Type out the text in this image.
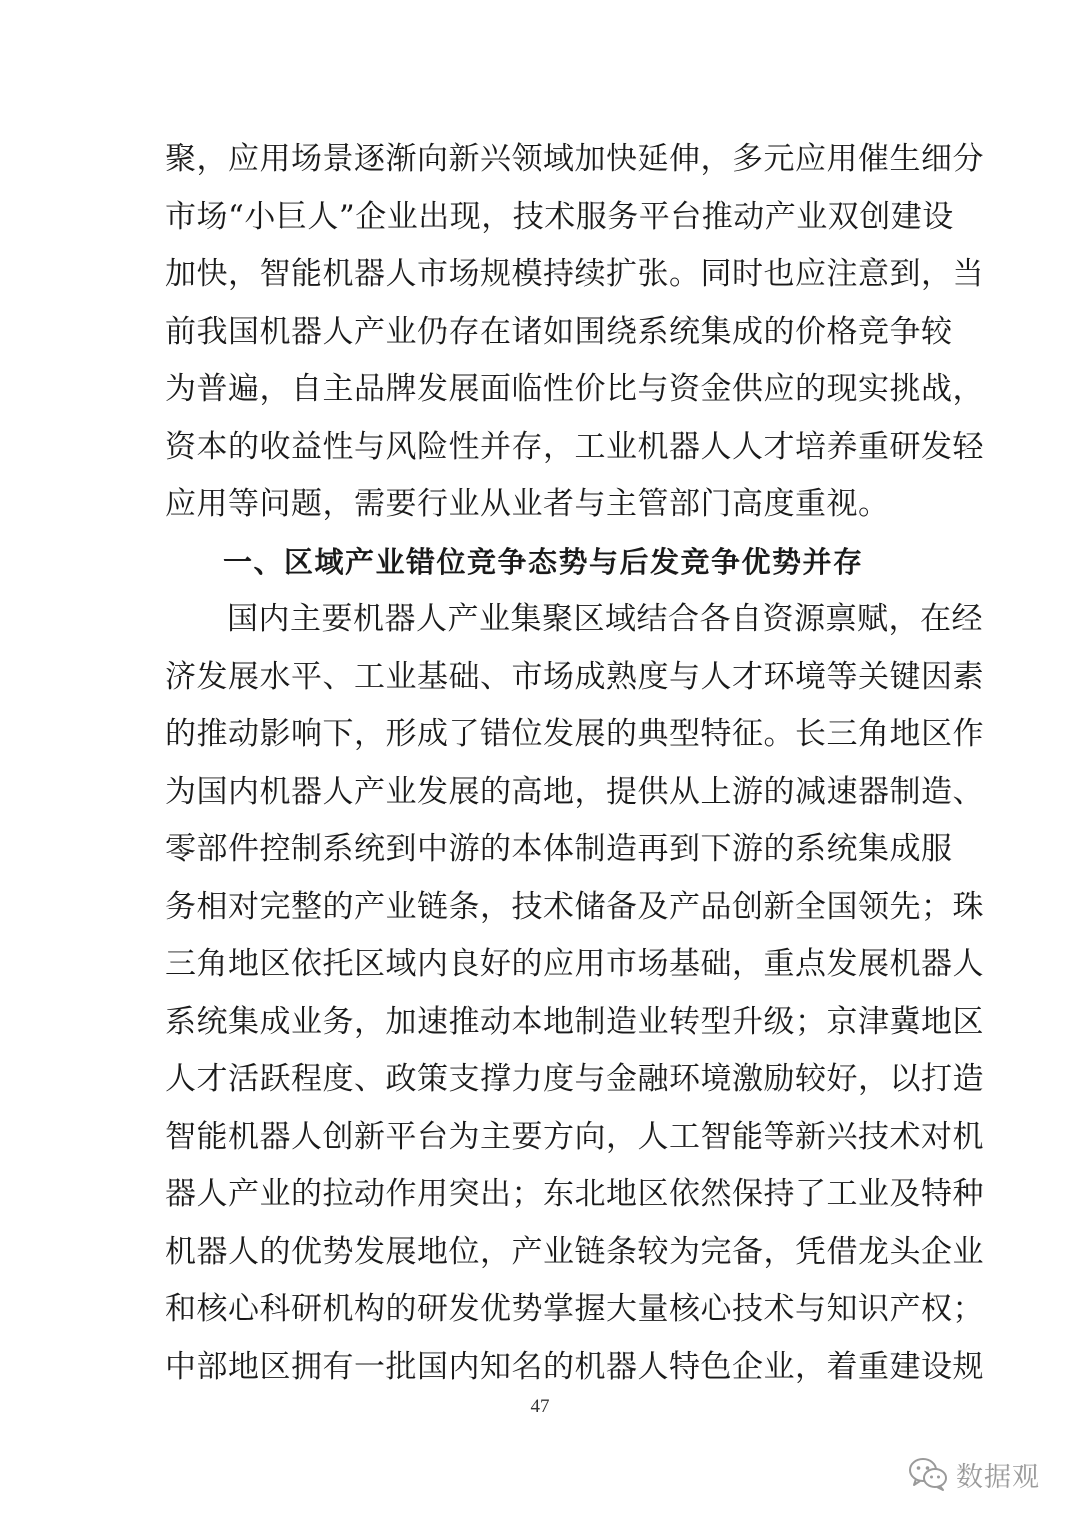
聚，应用场景逐渐向新兴领域加快延伸，多元应用催生细分
市场“小巨人”企业出现，技术服务平台推动产业双创建设
加快，智能机器人市场规模持续扩张。同时也应注意到，当
前我国机器人产业仍存在诸如围绕系统集成的价格竞争较
为普遍，自主品牌发展面临性价比与资金供应的现实挑战，
资本的收益性与风险性并存，工业机器人人才培养重研发轻
应用等问题，需要行业从业者与主管部门高度重视。
一、区域产业错位竞争态势与后发竞争优势并存
国内主要机器人产业集聚区域结合各自资源禀赋，在经
济发展水平、工业基础、市场成熟度与人才环境等关键因素
的推动影响下，形成了错位发展的典型特征。长三角地区作
为国内机器人产业发展的高地，提供从上游的减速器制造、
零部件控制系统到中游的本体制造再到下游的系统集成服
务相对完整的产业链条，技术储备及产品创新全国领先；珠
三角地区依托区域内良好的应用市场基础，重点发展机器人
系统集成业务，加速推动本地制造业转型升级；京津冀地区
人才活跃程度、政策支撑力度与金融环境激励较好，以打造
智能机器人创新平台为主要方向，人工智能等新兴技术对机
器人产业的拉动作用突出；东北地区依然保持了工业及特种
机器人的优势发展地位，产业链条较为完备，凭借龙头企业
和核心科研机构的研发优势掌握大量核心技术与知识产权；
中部地区拥有一批国内知名的机器人特色企业，着重建设规
47
数据观
